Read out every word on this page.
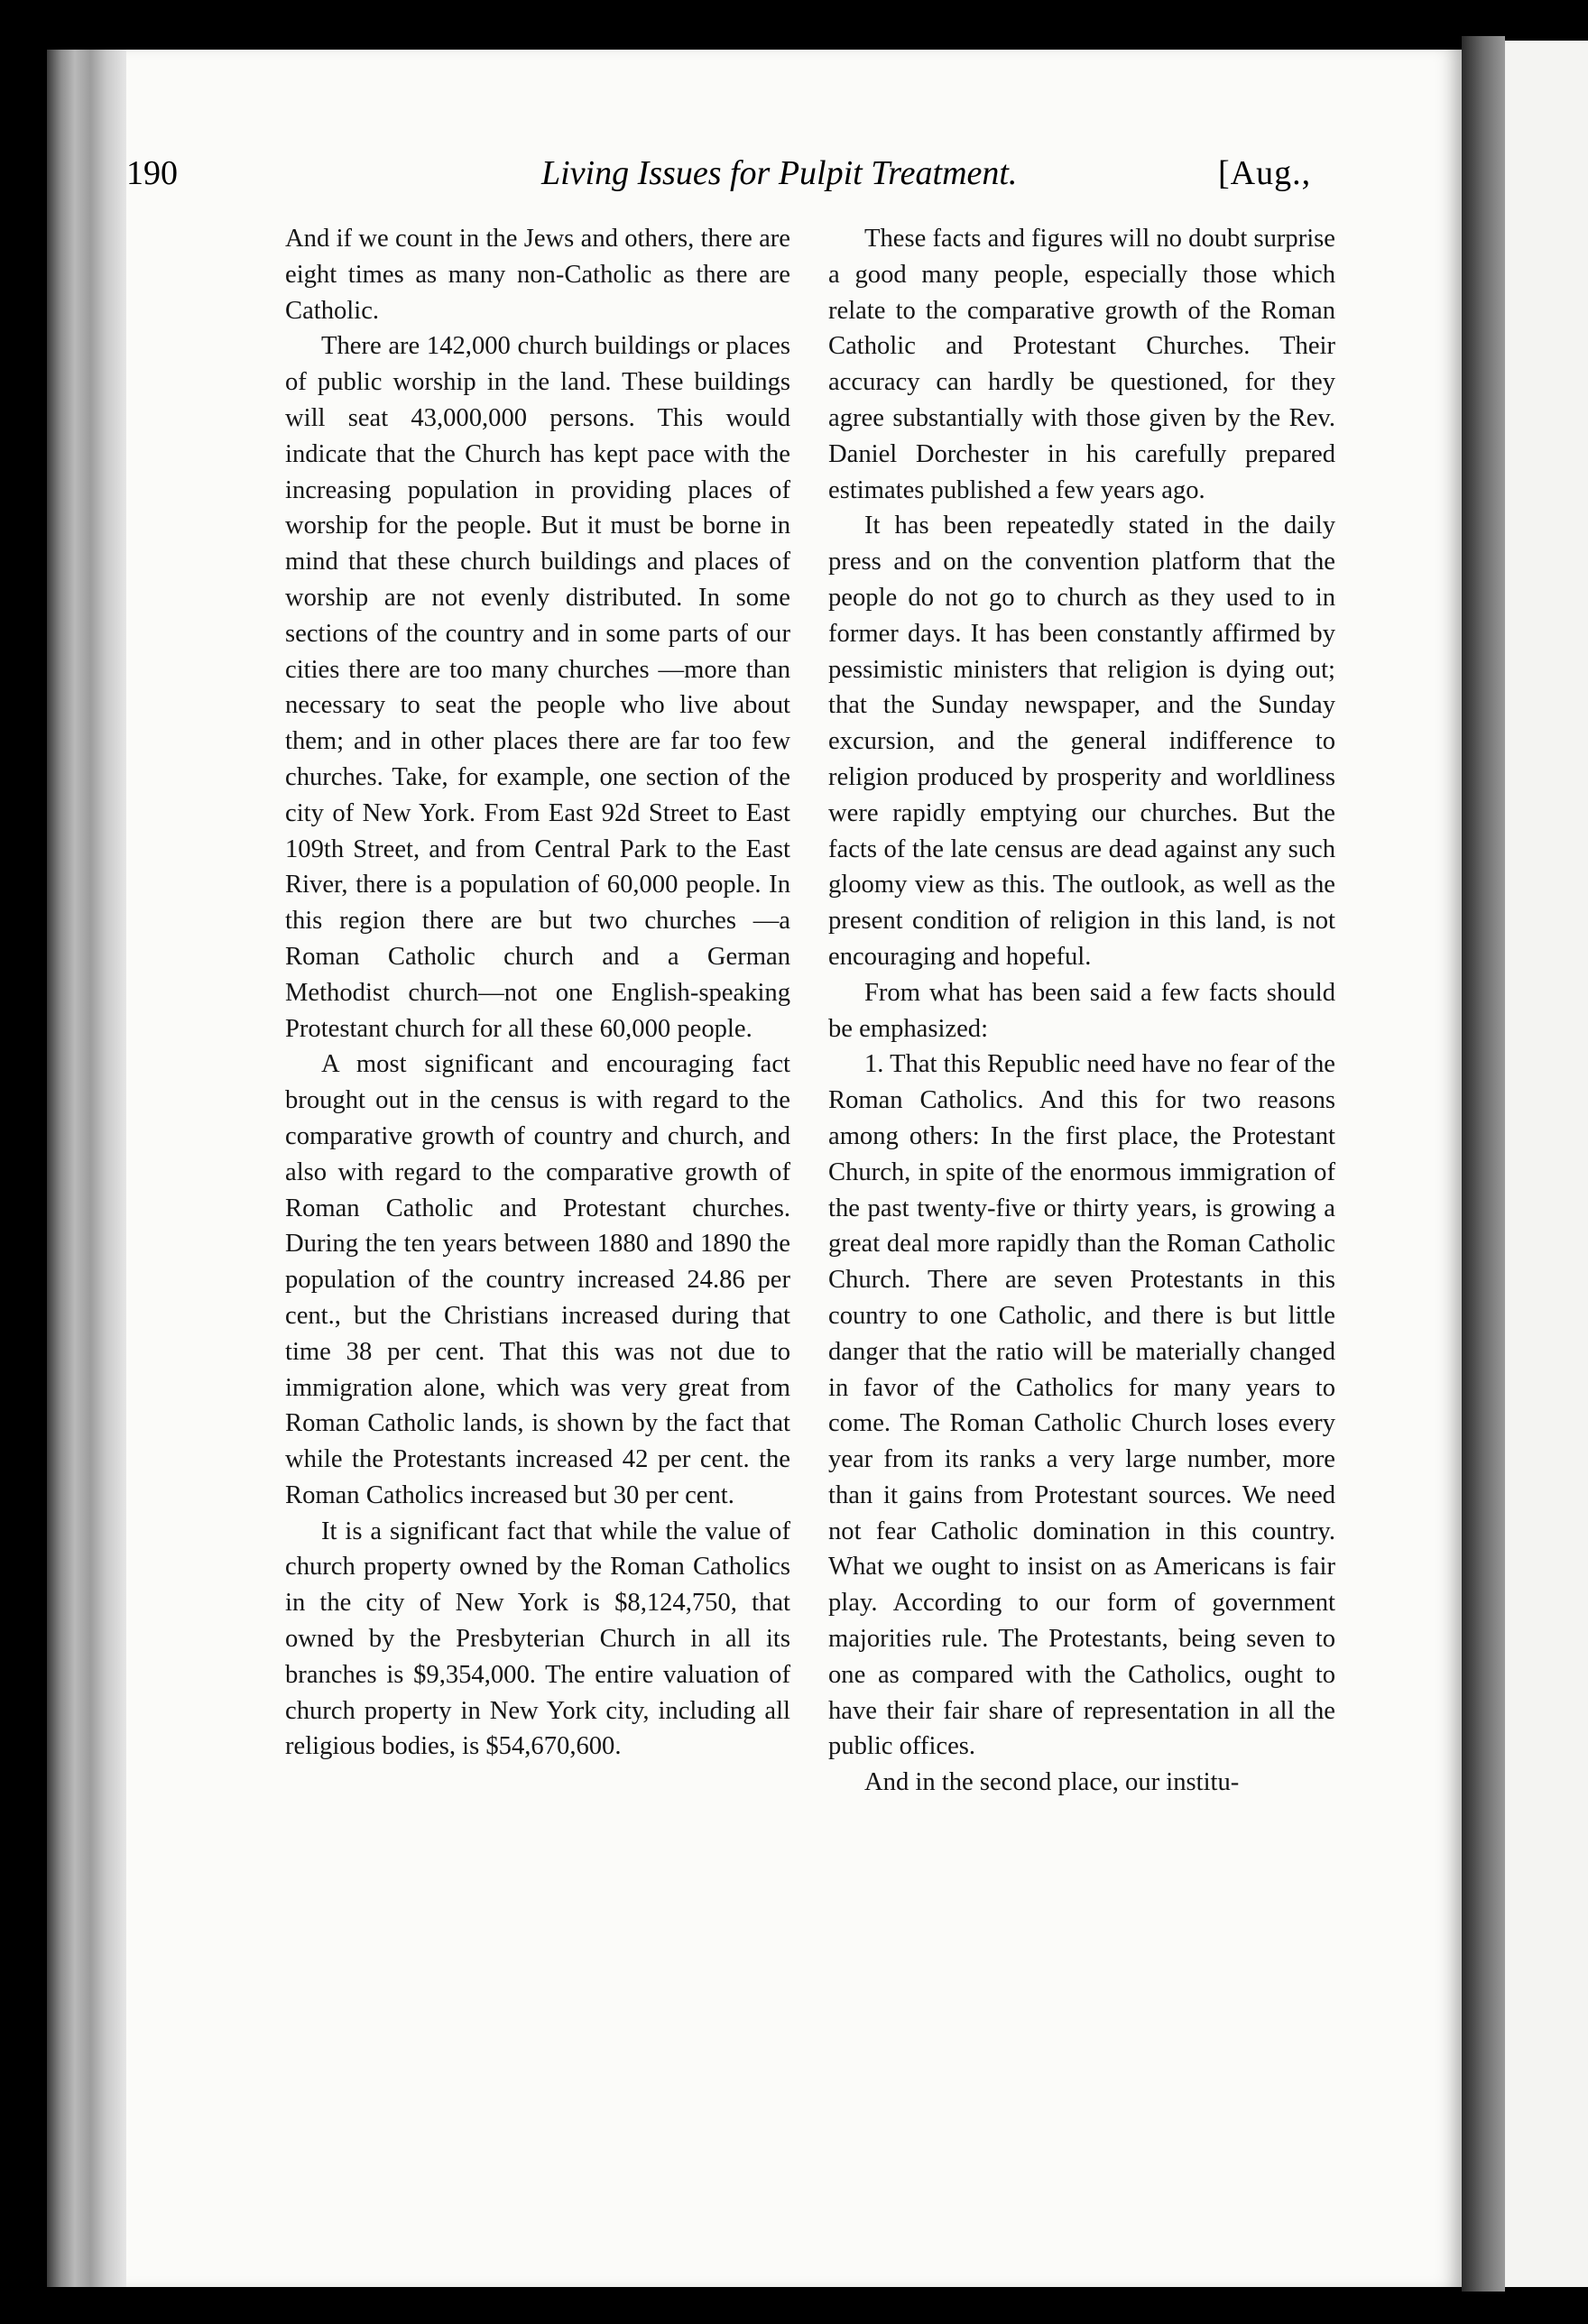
190	Living Issues for Pulpit Treatment.	[Aug.,

And if we count in the Jews and others, there are eight times as many non-Catholic as there are Catholic.

There are 142,000 church buildings or places of public worship in the land. These buildings will seat 43,000,000 persons. This would indicate that the Church has kept pace with the increasing population in providing places of worship for the people. But it must be borne in mind that these church buildings and places of worship are not evenly distributed. In some sections of the country and in some parts of our cities there are too many churches —more than necessary to seat the people who live about them; and in other places there are far too few churches. Take, for example, one section of the city of New York. From East 92d Street to East 109th Street, and from Central Park to the East River, there is a population of 60,000 people. In this region there are but two churches —a Roman Catholic church and a German Methodist church—not one English-speaking Protestant church for all these 60,000 people.

A most significant and encouraging fact brought out in the census is with regard to the comparative growth of country and church, and also with regard to the comparative growth of Roman Catholic and Protestant churches. During the ten years between 1880 and 1890 the population of the country increased 24.86 per cent., but the Christians increased during that time 38 per cent. That this was not due to immigration alone, which was very great from Roman Catholic lands, is shown by the fact that while the Protestants increased 42 per cent. the Roman Catholics increased but 30 per cent.

It is a significant fact that while the value of church property owned by the Roman Catholics in the city of New York is $8,124,750, that owned by the Presbyterian Church in all its branches is $9,354,000. The entire valuation of church property in New York city, including all religious bodies, is $54,670,600.

These facts and figures will no doubt surprise a good many people, especially those which relate to the comparative growth of the Roman Catholic and Protestant Churches. Their accuracy can hardly be questioned, for they agree substantially with those given by the Rev. Daniel Dorchester in his carefully prepared estimates published a few years ago.

It has been repeatedly stated in the daily press and on the convention platform that the people do not go to church as they used to in former days. It has been constantly affirmed by pessimistic ministers that religion is dying out; that the Sunday newspaper, and the Sunday excursion, and the general indifference to religion produced by prosperity and worldliness were rapidly emptying our churches. But the facts of the late census are dead against any such gloomy view as this. The outlook, as well as the present condition of religion in this land, is not encouraging and hopeful.

From what has been said a few facts should be emphasized:

1. That this Republic need have no fear of the Roman Catholics. And this for two reasons among others: In the first place, the Protestant Church, in spite of the enormous immigration of the past twenty-five or thirty years, is growing a great deal more rapidly than the Roman Catholic Church. There are seven Protestants in this country to one Catholic, and there is but little danger that the ratio will be materially changed in favor of the Catholics for many years to come. The Roman Catholic Church loses every year from its ranks a very large number, more than it gains from Protestant sources. We need not fear Catholic domination in this country. What we ought to insist on as Americans is fair play. According to our form of government majorities rule. The Protestants, being seven to one as compared with the Catholics, ought to have their fair share of representation in all the public offices.

And in the second place, our institu-
